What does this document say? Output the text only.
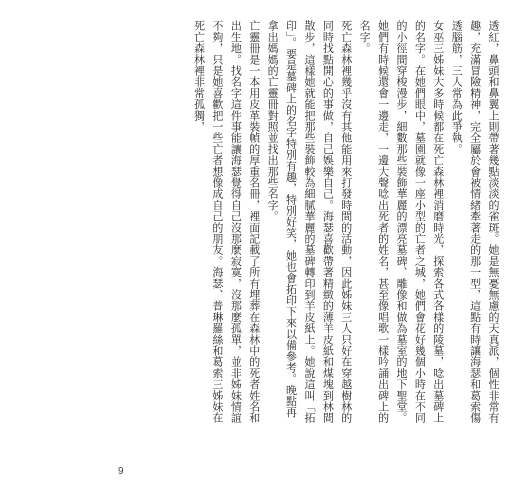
透紅，鼻頭和鼻翼上則帶著幾點淡淡的雀斑。她是無憂無慮的天真派，個性非常有趣，充滿冒險精神，完全屬於會被情緒牽著走的那一型，這點有時讓海瑟和葛索傷透腦筋，三人常為此爭執。

女巫三姊妹大多時候都在死亡森林裡消磨時光，探索各式各樣的陵墓，唸出墓碑上的名字。在她們眼中，墓園就像一座小型的亡者之城，她們會花好幾個小時在不同的小徑間穿梭漫步，細數那些裝飾華麗的漂亮墓碑、雕像和做為墓室的地下聖堂。她們有時候還會一邊走，一邊大聲唸出死者的姓名，甚至像唱歌一樣吟誦出碑上的名字。

死亡森林裡幾乎沒有其他能用來打發時間的活動，因此姊妹三人只好在穿越樹林的同時找點開心的事做，自己娛樂自己。海瑟喜歡帶著精緻的薄羊皮紙和煤塊到林間散步，這樣她就能把那些裝飾較為細膩華麗的墓碑轉印到羊皮紙上。她說這叫「拓印」。要是墓碑上的名字特別有趣，特別好笑，她也會拓印下來以備參考。晚點再拿出媽媽的亡靈冊對照並找出那些名字。

亡靈冊是一本用皮革裝幀的厚重名冊，裡面記載了所有埋葬在森林中的死者姓名和出生地。找名字這件事能讓海瑟覺得自己沒那麼寂寞，沒那麼孤單，並非姊妹情誼不夠，只是她喜歡把一些亡者想像成自己的朋友。海瑟、普琳羅絲和葛索三姊妹在死亡森林裡非常孤獨，

9
